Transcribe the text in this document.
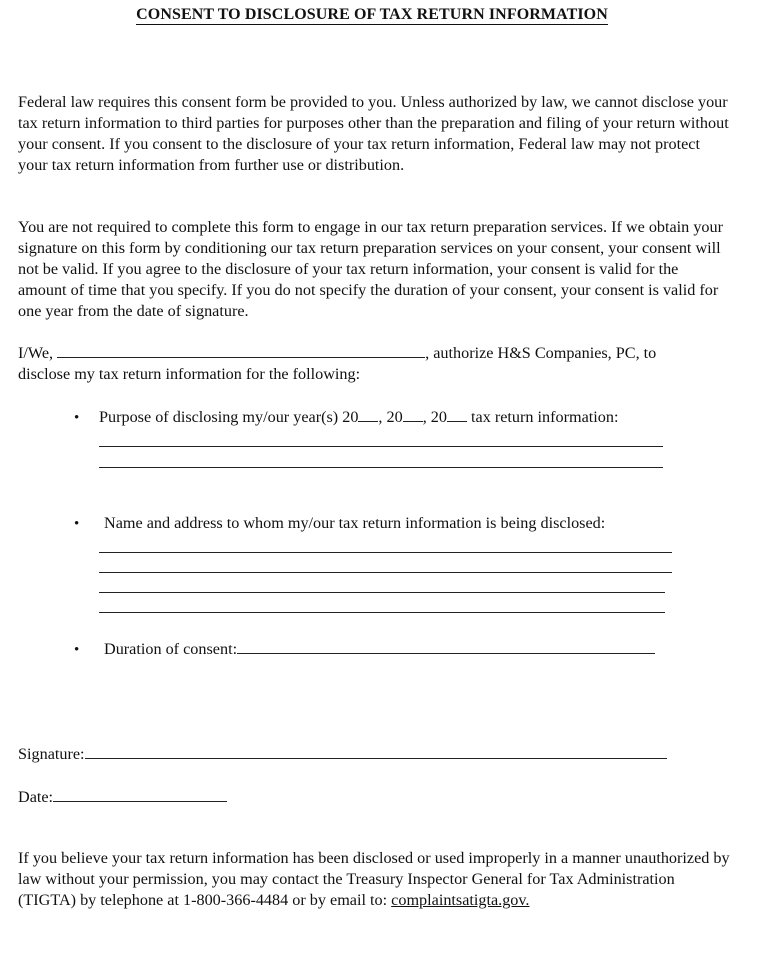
CONSENT TO DISCLOSURE OF TAX RETURN INFORMATION
Federal law requires this consent form be provided to you. Unless authorized by law, we cannot disclose your tax return information to third parties for purposes other than the preparation and filing of your return without your consent. If you consent to the disclosure of your tax return information, Federal law may not protect your tax return information from further use or distribution.
You are not required to complete this form to engage in our tax return preparation services. If we obtain your signature on this form by conditioning our tax return preparation services on your consent, your consent will not be valid. If you agree to the disclosure of your tax return information, your consent is valid for the amount of time that you specify. If you do not specify the duration of your consent, your consent is valid for one year from the date of signature.
I/We,	, authorize H&S Companies, PC, to
disclose my tax return information for the following:
• Purpose of disclosing my/our year(s) 20 , 20 , 20 tax return information:
• Name and address to whom my/our tax return information is being disclosed:
• Duration of consent:
Signature:
Date:
If you believe your tax return information has been disclosed or used improperly in a manner unauthorized by law without your permission, you may contact the Treasury Inspector General for Tax Administration (TIGTA) by telephone at 1-800-366-4484 or by email to: complaintsatigta.gov.
